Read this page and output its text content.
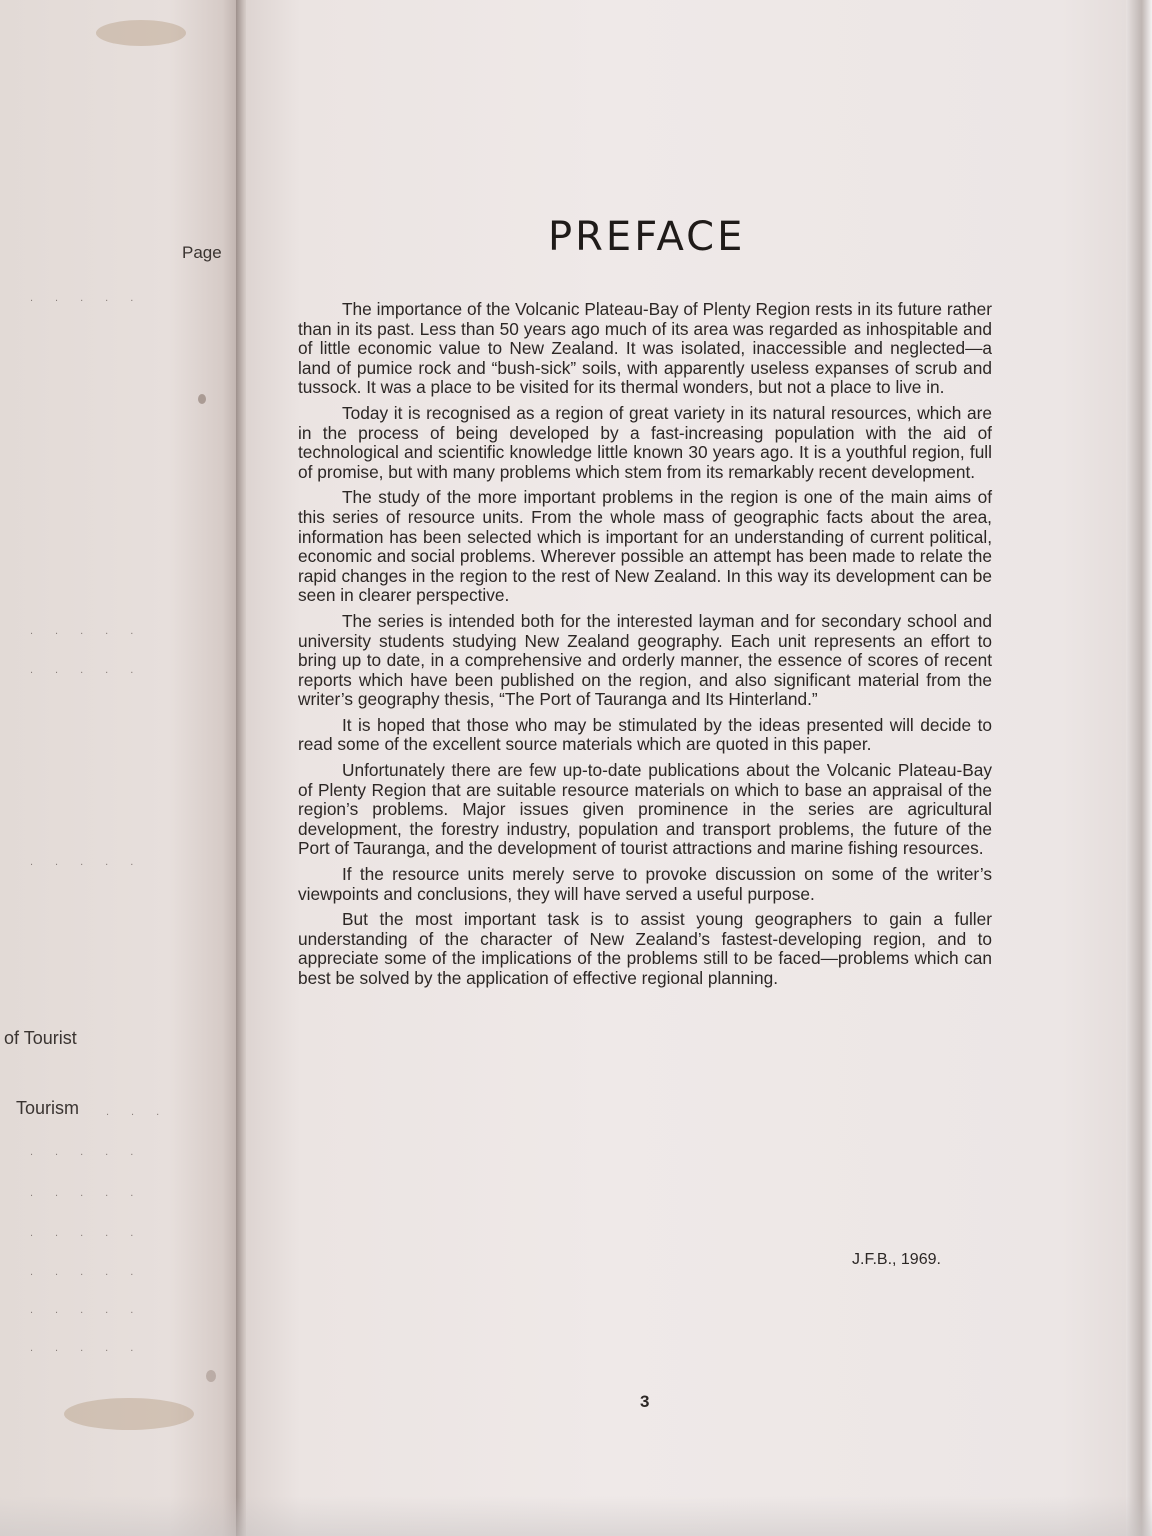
Page
.....
.....
.....
.....
of Tourist
Tourism ...
.....
.....
.....
.....
.....
.....
PREFACE

The importance of the Volcanic Plateau-Bay of Plenty Region rests in its future rather than in its past. Less than 50 years ago much of its area was regarded as inhospitable and of little economic value to New Zealand. It was isolated, inaccessible and neglected—a land of pumice rock and “bush-sick” soils, with apparently useless expanses of scrub and tussock. It was a place to be visited for its thermal wonders, but not a place to live in.

Today it is recognised as a region of great variety in its natural resources, which are in the process of being developed by a fast-increasing population with the aid of technological and scientific knowledge little known 30 years ago. It is a youthful region, full of promise, but with many problems which stem from its remarkably recent development.

The study of the more important problems in the region is one of the main aims of this series of resource units. From the whole mass of geographic facts about the area, information has been selected which is important for an understanding of current political, economic and social problems. Wherever possible an attempt has been made to relate the rapid changes in the region to the rest of New Zealand. In this way its development can be seen in clearer perspective.

The series is intended both for the interested layman and for secondary school and university students studying New Zealand geography. Each unit represents an effort to bring up to date, in a comprehensive and orderly manner, the essence of scores of recent reports which have been published on the region, and also significant material from the writer’s geography thesis, “The Port of Tauranga and Its Hinterland.”

It is hoped that those who may be stimulated by the ideas presented will decide to read some of the excellent source materials which are quoted in this paper.

Unfortunately there are few up-to-date publications about the Volcanic Plateau-Bay of Plenty Region that are suitable resource materials on which to base an appraisal of the region’s problems. Major issues given prominence in the series are agricultural development, the forestry industry, population and transport problems, the future of the Port of Tauranga, and the development of tourist attractions and marine fishing resources.

If the resource units merely serve to provoke discussion on some of the writer’s viewpoints and conclusions, they will have served a useful purpose.

But the most important task is to assist young geographers to gain a fuller understanding of the character of New Zealand’s fastest-developing region, and to appreciate some of the implications of the problems still to be faced—problems which can best be solved by the application of effective regional planning.

J.F.B., 1969.
3
